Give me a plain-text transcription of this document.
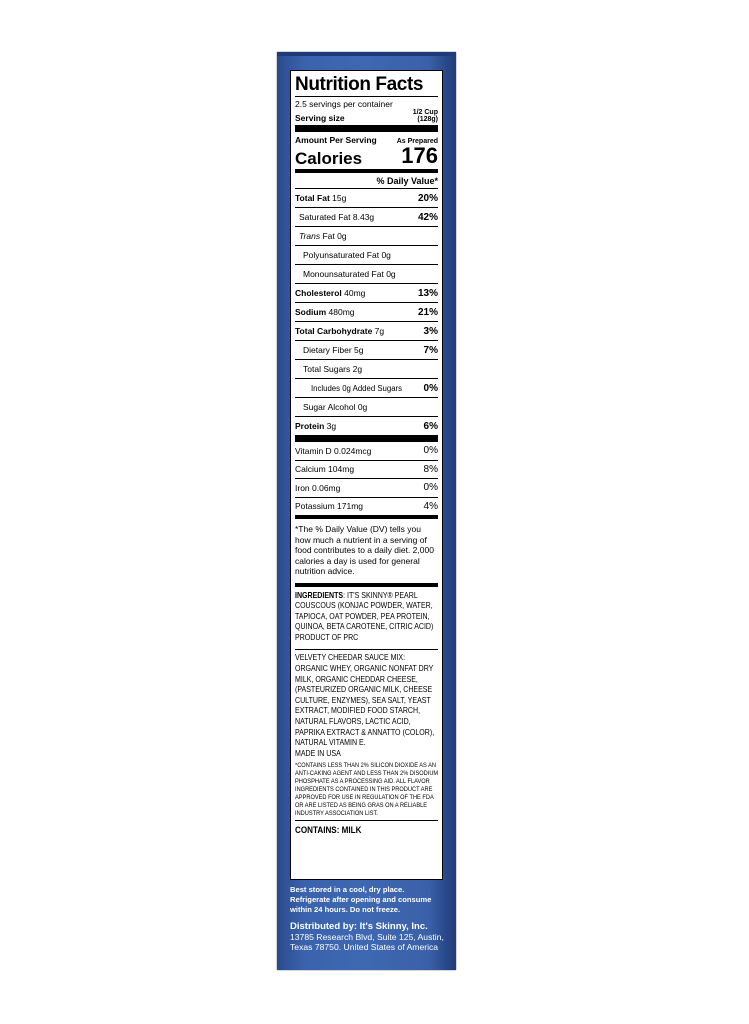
Nutrition Facts
2.5 servings per container
Serving size
1/2 Cup
(128g)
Amount Per Serving	As Prepared
Calories 176
% Daily Value*
Total Fat 15g	20%
Saturated Fat 8.43g	42%
Trans Fat 0g
Polyunsaturated Fat 0g
Monounsaturated Fat 0g
Cholesterol 40mg	13%
Sodium 480mg	21%
Total Carbohydrate 7g	3%
Dietary Fiber 5g	7%
Total Sugars 2g
Includes 0g Added Sugars 0%
Sugar Alcohol 0g
Protein 3g	6%
Vitamin D 0.024mcg	0%
Calcium 104mg	8%
Iron 0.06mg	0%
Potassium 171mg	4%
*The % Daily Value (DV) tells you how much a nutrient in a serving of food contributes to a daily diet. 2,000 calories a day is used for general nutrition advice.
INGREDIENTS: IT'S SKINNY® PEARL COUSCOUS (KONJAC POWDER, WATER, TAPIOCA, OAT POWDER, PEA PROTEIN, QUINOA, BETA CAROTENE, CITRIC ACID)
PRODUCT OF PRC
VELVETY CHEEDAR SAUCE MIX: ORGANIC WHEY, ORGANIC NONFAT DRY MILK, ORGANIC CHEDDAR CHEESE, (PASTEURIZED ORGANIC MILK, CHEESE CULTURE, ENZYMES), SEA SALT, YEAST EXTRACT, MODIFIED FOOD STARCH, NATURAL FLAVORS, LACTIC ACID, PAPRIKA EXTRACT & ANNATTO (COLOR), NATURAL VITAMIN E.
MADE IN USA
*CONTAINS LESS THAN 2% SILICON DIOXIDE AS AN ANTI-CAKING AGENT AND LESS THAN 2% DISODIUM PHOSPHATE AS A PROCESSING AID. ALL FLAVOR INGREDIENTS CONTAINED IN THIS PRODUCT ARE APPROVED FOR USE IN REGULATION OF THE FDA OR ARE LISTED AS BEING GRAS ON A RELIABLE INDUSTRY ASSOCIATION LIST.
CONTAINS: MILK
Best stored in a cool, dry place.
Refrigerate after opening and consume within 24 hours. Do not freeze.
Distributed by: It's Skinny, Inc.
13785 Research Blvd, Suite 125, Austin, Texas 78750. United States of America
